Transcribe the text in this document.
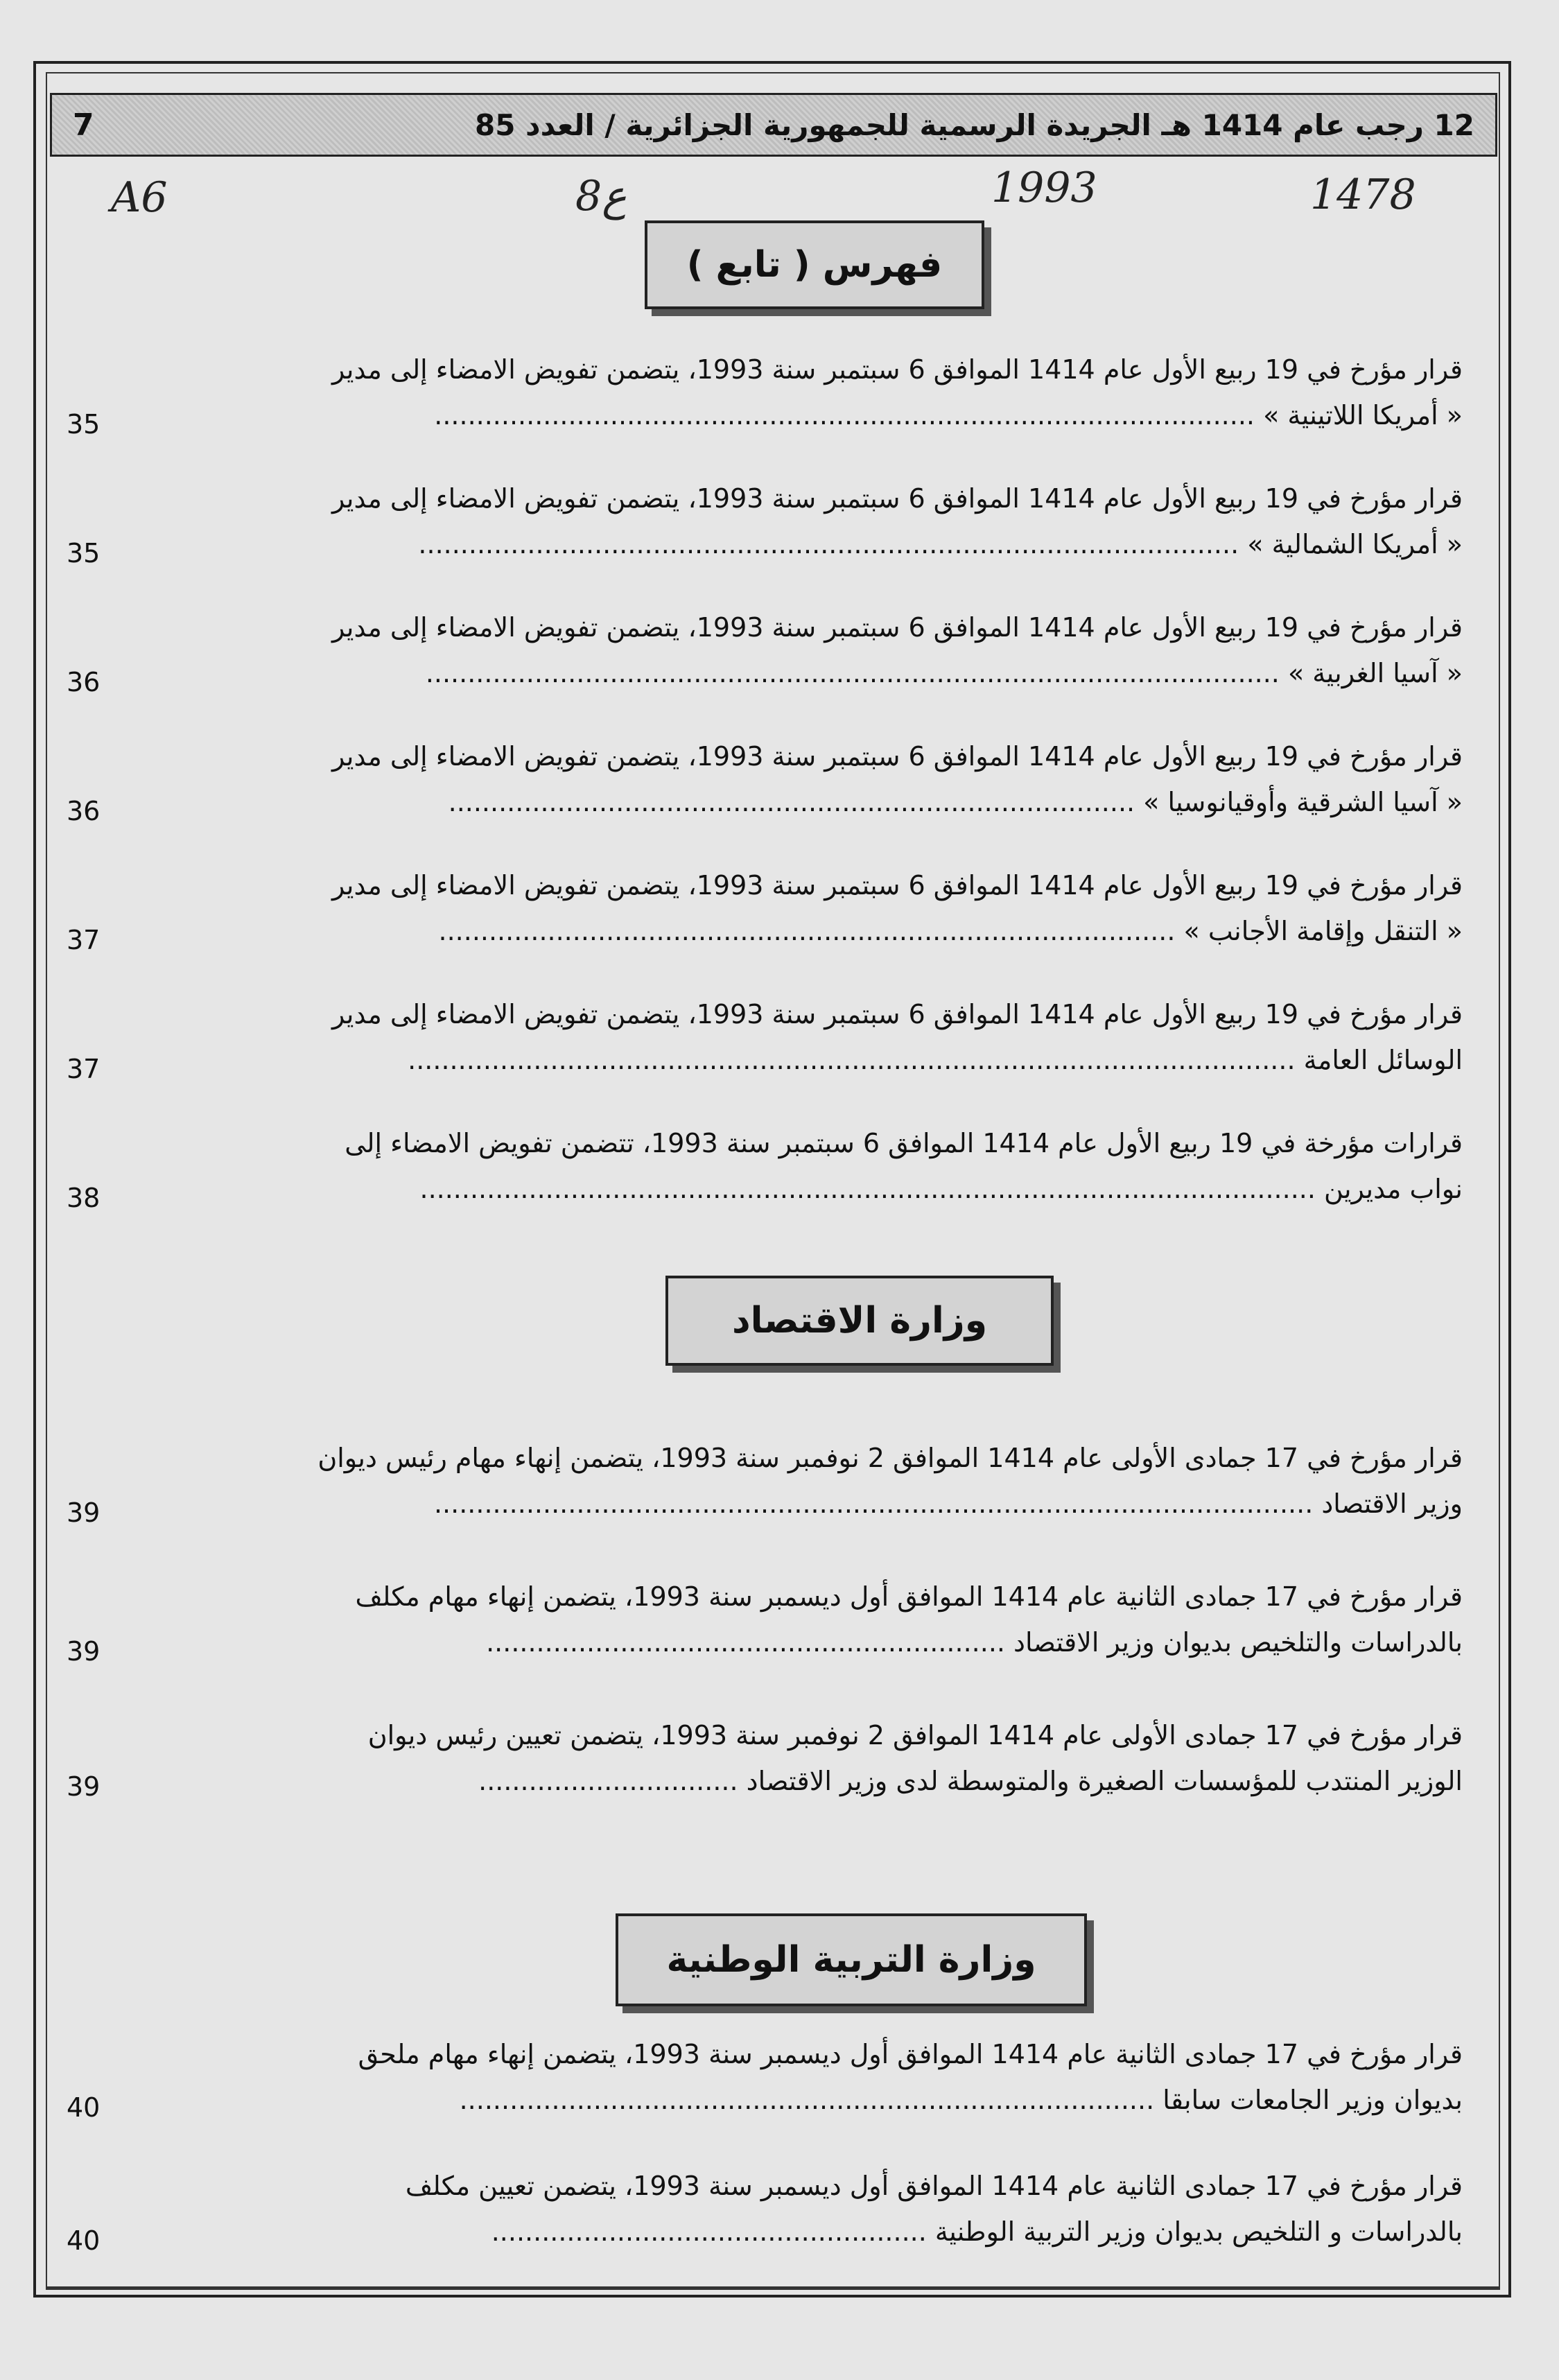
7	12 رجب عام 1414 هـ الجريدة الرسمية للجمهورية الجزائرية / العدد 85
A6	8ع	1993	1478
فهرس ( تابع )
قرار مؤرخ في 19 ربيع الأول عام 1414 الموافق 6 سبتمبر سنة 1993، يتضمن تفويض الامضاء إلى مدير
« أمريكا اللاتينية » ..................................................................................................
35
قرار مؤرخ في 19 ربيع الأول عام 1414 الموافق 6 سبتمبر سنة 1993، يتضمن تفويض الامضاء إلى مدير
« أمريكا الشمالية » ..................................................................................................
35
قرار مؤرخ في 19 ربيع الأول عام 1414 الموافق 6 سبتمبر سنة 1993، يتضمن تفويض الامضاء إلى مدير
« آسيا الغربية » ......................................................................................................
36
قرار مؤرخ في 19 ربيع الأول عام 1414 الموافق 6 سبتمبر سنة 1993، يتضمن تفويض الامضاء إلى مدير
« آسيا الشرقية وأوقيانوسيا » ..................................................................................
36
قرار مؤرخ في 19 ربيع الأول عام 1414 الموافق 6 سبتمبر سنة 1993، يتضمن تفويض الامضاء إلى مدير
« التنقل وإقامة الأجانب » ........................................................................................
37
قرار مؤرخ في 19 ربيع الأول عام 1414 الموافق 6 سبتمبر سنة 1993، يتضمن تفويض الامضاء إلى مدير
الوسائل العامة ..........................................................................................................
37
قرارات مؤرخة في 19 ربيع الأول عام 1414 الموافق 6 سبتمبر سنة 1993، تتضمن تفويض الامضاء إلى
نواب مديرين ...........................................................................................................
38
وزارة الاقتصاد
قرار مؤرخ في 17 جمادى الأولى عام 1414 الموافق 2 نوفمبر سنة 1993، يتضمن إنهاء مهام رئيس ديوان
وزير الاقتصاد .........................................................................................................
39
قرار مؤرخ في 17 جمادى الثانية عام 1414 الموافق أول ديسمبر سنة 1993، يتضمن إنهاء مهام مكلف
بالدراسات والتلخيص بديوان وزير الاقتصاد ..............................................................
39
قرار مؤرخ في 17 جمادى الأولى عام 1414 الموافق 2 نوفمبر سنة 1993، يتضمن تعيين رئيس ديوان
الوزير المنتدب للمؤسسات الصغيرة والمتوسطة لدى وزير الاقتصاد ...............................
39
وزارة التربية الوطنية
قرار مؤرخ في 17 جمادى الثانية عام 1414 الموافق أول ديسمبر سنة 1993، يتضمن إنهاء مهام ملحق
بديوان وزير الجامعات سابقا ...................................................................................
40
قرار مؤرخ في 17 جمادى الثانية عام 1414 الموافق أول ديسمبر سنة 1993، يتضمن تعيين مكلف
بالدراسات و التلخيص بديوان وزير التربية الوطنية ....................................................
40
